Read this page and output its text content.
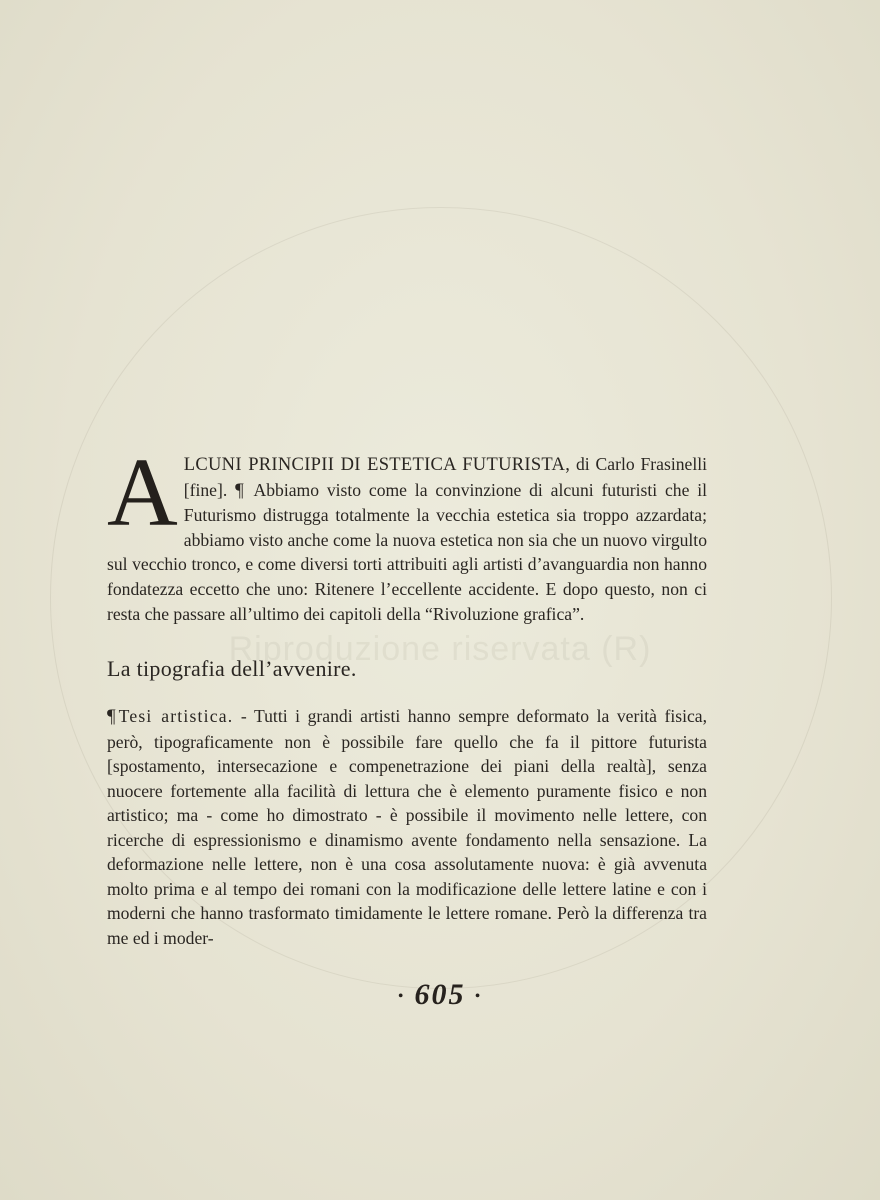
Riproduzione riservata (R)

A LCUNI PRINCIPII DI ESTETICA FUTURISTA, di Carlo Frasinelli [fine]. ¶ Abbiamo visto come la convinzione di alcuni futuristi che il Futurismo distrugga totalmente la vecchia estetica sia troppo azzardata; abbiamo visto anche come la nuova estetica non sia che un nuovo virgulto sul vecchio tronco, e come diversi torti attribuiti agli artisti d’avanguardia non hanno fondatezza eccetto che uno: Ritenere l’eccellente accidente. E dopo questo, non ci resta che passare all’ultimo dei capitoli della “Rivoluzione grafica”.

La tipografia dell’avvenire.

¶ Tesi artistica. - Tutti i grandi artisti hanno sempre deformato la verità fisica, però, tipograficamente non è possibile fare quello che fa il pittore futurista [spostamento, intersecazione e compenetrazione dei piani della realtà], senza nuocere fortemente alla facilità di lettura che è elemento puramente fisico e non artistico; ma - come ho dimostrato - è possibile il movimento nelle lettere, con ricerche di espressionismo e dinamismo avente fondamento nella sensazione. La deformazione nelle lettere, non è una cosa assolutamente nuova: è già avvenuta molto prima e al tempo dei romani con la modificazione delle lettere latine e con i moderni che hanno trasformato timidamente le lettere romane. Però la differenza tra me ed i moder-

• 605 •
